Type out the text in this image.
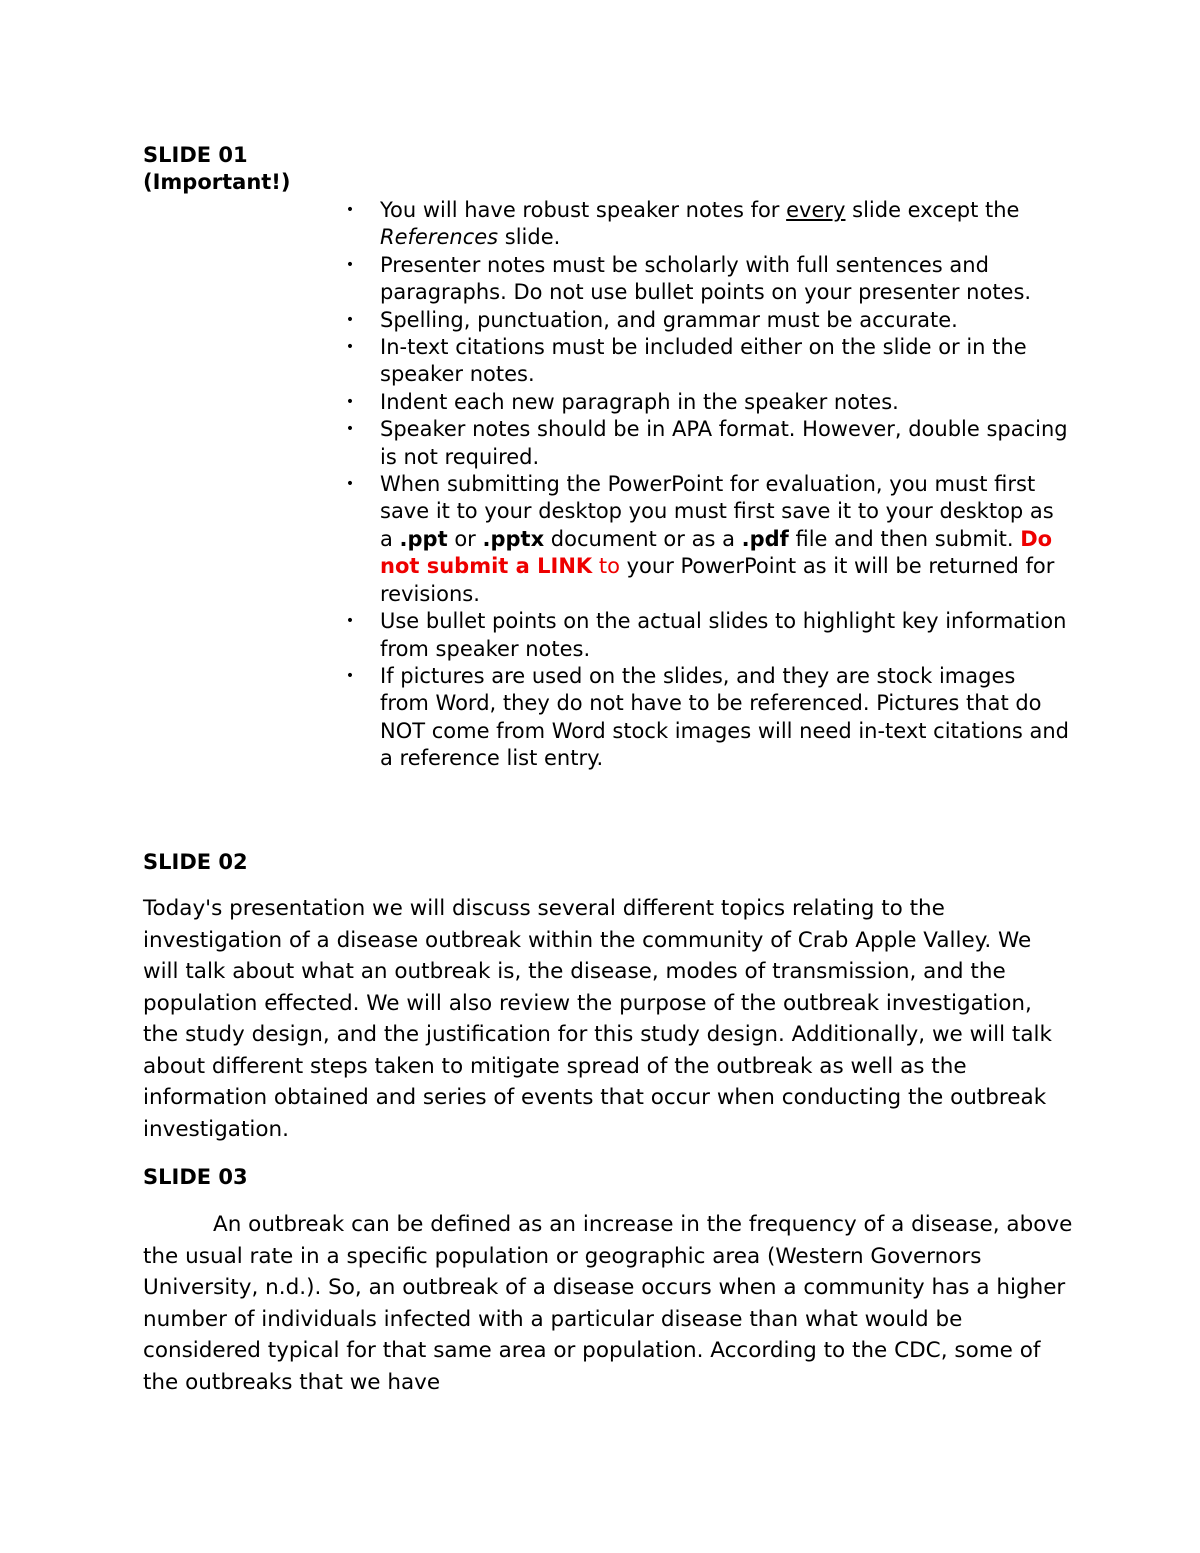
SLIDE 01
(Important!)
• You will have robust speaker notes for every slide except the References slide.
• Presenter notes must be scholarly with full sentences and paragraphs. Do not use bullet points on your presenter notes.
• Spelling, punctuation, and grammar must be accurate.
• In-text citations must be included either on the slide or in the speaker notes.
• Indent each new paragraph in the speaker notes.
• Speaker notes should be in APA format. However, double spacing is not required.
• When submitting the PowerPoint for evaluation, you must first save it to your desktop you must first save it to your desktop as a .ppt or .pptx document or as a .pdf file and then submit. Do not submit a LINK to your PowerPoint as it will be returned for revisions.
• Use bullet points on the actual slides to highlight key information from speaker notes.
• If pictures are used on the slides, and they are stock images from Word, they do not have to be referenced. Pictures that do NOT come from Word stock images will need in-text citations and a reference list entry.
SLIDE 02

Today's presentation we will discuss several different topics relating to the investigation of a disease outbreak within the community of Crab Apple Valley. We will talk about what an outbreak is, the disease, modes of transmission, and the population effected. We will also review the purpose of the outbreak investigation, the study design, and the justification for this study design. Additionally, we will talk about different steps taken to mitigate spread of the outbreak as well as the information obtained and series of events that occur when conducting the outbreak investigation.

SLIDE 03

An outbreak can be defined as an increase in the frequency of a disease, above the usual rate in a specific population or geographic area (Western Governors University, n.d.). So, an outbreak of a disease occurs when a community has a higher number of individuals infected with a particular disease than what would be considered typical for that same area or population. According to the CDC, some of the outbreaks that we have
